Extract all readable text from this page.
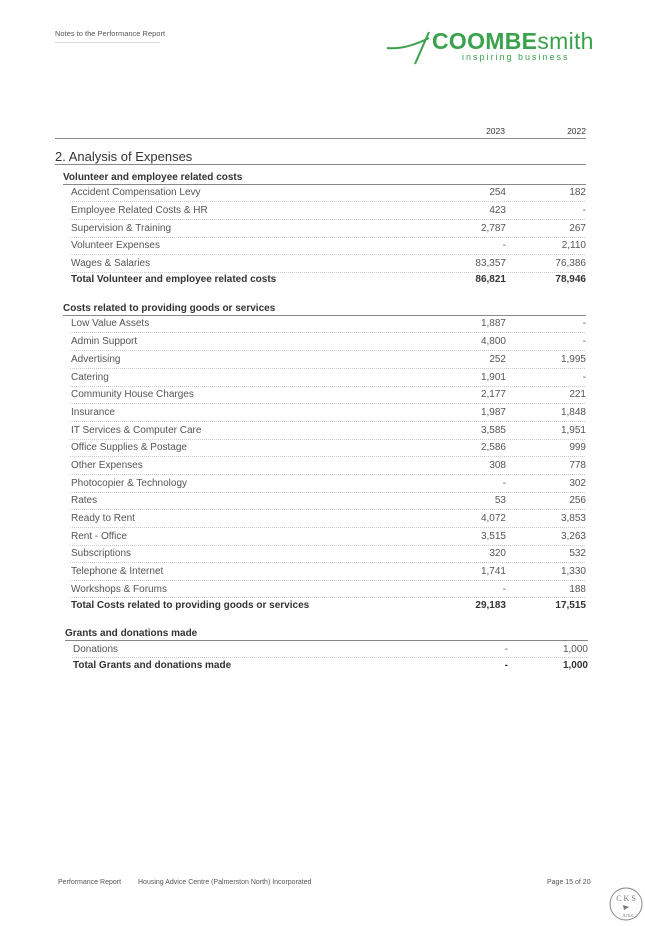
Notes to the Performance Report	COOMBEsmith
inspiring business
2023	2022
2. Analysis of Expenses
Volunteer and employee related costs
Accident Compensation Levy	254	182
Employee Related Costs & HR	423	-
Supervision & Training	2,787	267
Volunteer Expenses	-	2,110
Wages & Salaries	83,357	76,386
Total Volunteer and employee related costs	86,821	78,946
Costs related to providing goods or services
Low Value Assets	1,887	-
Admin Support	4,800	-
Advertising	252	1,995
Catering	1,901	-
Community House Charges	2,177	221
Insurance	1,987	1,848
IT Services & Computer Care	3,585	1,951
Office Supplies & Postage	2,586	999
Other Expenses	308	778
Photocopier & Technology	-	302
Rates	53	256
Ready to Rent	4,072	3,853
Rent - Office	3,515	3,263
Subscriptions	320	532
Telephone & Internet	1,741	1,330
Workshops & Forums	-	188
Total Costs related to providing goods or services	29,183	17,515
Grants and donations made
Donations	-	1,000
Total Grants and donations made	-	1,000
Performance Report Housing Advice Centre (Palmerston North) Incorporated	Page 15 of 20
C K S
Artist
